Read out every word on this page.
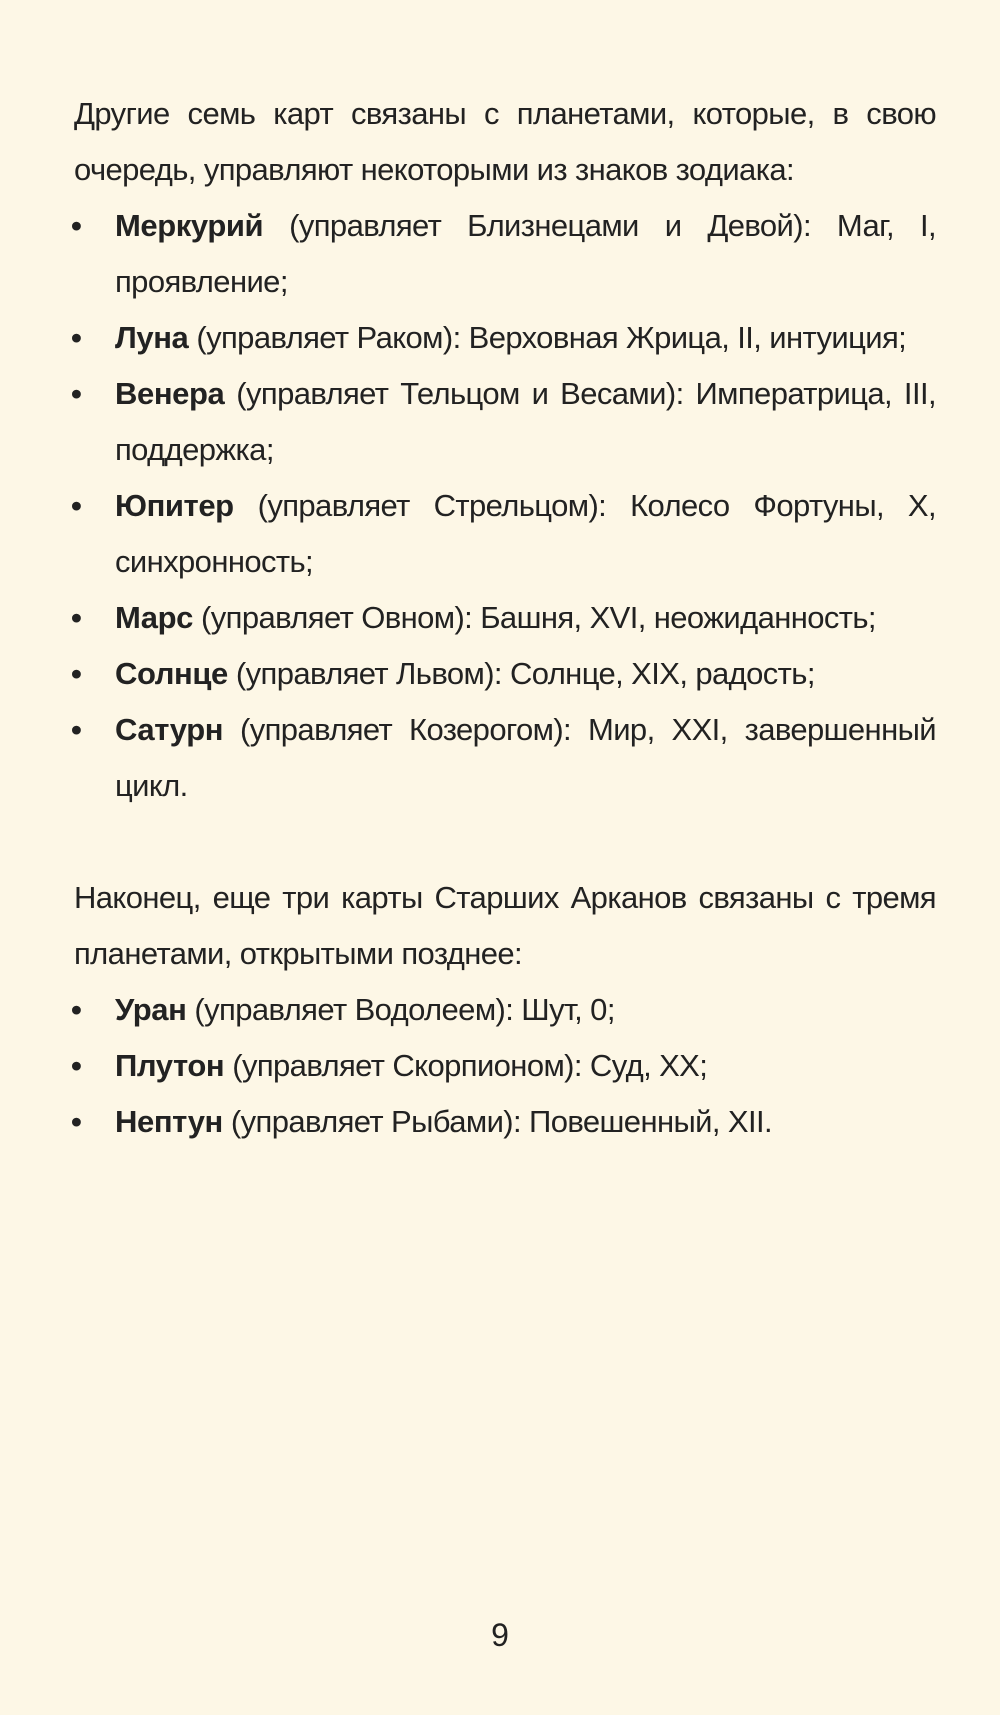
Другие семь карт связаны с планетами, которые, в свою очередь, управляют некоторыми из знаков зодиака:

• Меркурий (управляет Близнецами и Девой): Маг, I, проявление;
• Луна (управляет Раком): Верховная Жрица, II, интуиция;
• Венера (управляет Тельцом и Весами): Императрица, III, поддержка;
• Юпитер (управляет Стрельцом): Колесо Фортуны, X, синхронность;
• Марс (управляет Овном): Башня, XVI, неожиданность;
• Солнце (управляет Львом): Солнце, XIX, радость;
• Сатурн (управляет Козерогом): Мир, XXI, завершенный цикл.

Наконец, еще три карты Старших Арканов связаны с тремя планетами, открытыми позднее:

• Уран (управляет Водолеем): Шут, 0;
• Плутон (управляет Скорпионом): Суд, XX;
• Нептун (управляет Рыбами): Повешенный, XII.
9
